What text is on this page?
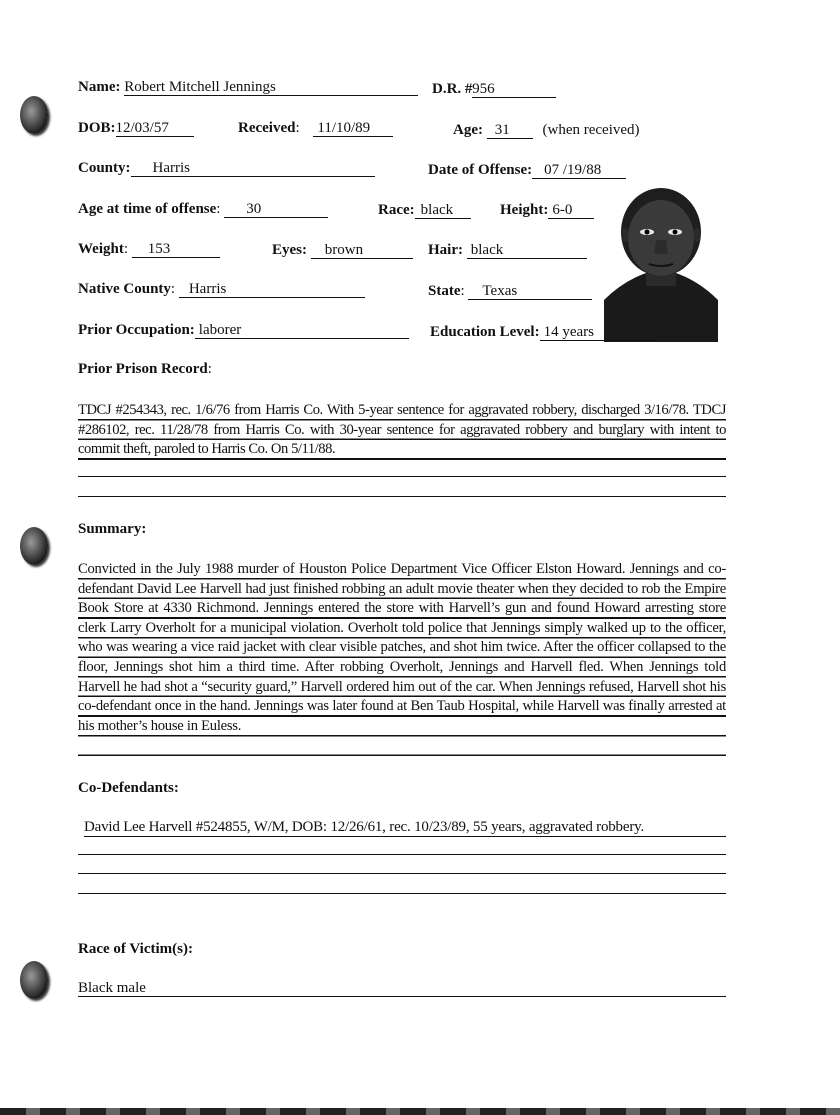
Name: Robert Mitchell Jennings	D.R. # 956
DOB:12/03/57	Received: 11/10/89	Age: 31 (when received)
County: Harris	Date of Offense: 07 /19/88
Age at time of offense: 30	Race: black	Height: 6-0
Weight: 153	Eyes: brown	Hair: black
Native County: Harris	State: Texas
Prior Occupation: laborer	Education Level: 14 years
Prior Prison Record:

TDCJ #254343, rec. 1/6/76 from Harris Co. With 5-year sentence for aggravated robbery, discharged 3/16/78. TDCJ #286102, rec. 11/28/78 from Harris Co. with 30-year sentence for aggravated robbery and burglary with intent to commit theft, paroled to Harris Co. On 5/11/88.

Summary:

Convicted in the July 1988 murder of Houston Police Department Vice Officer Elston Howard. Jennings and co-defendant David Lee Harvell had just finished robbing an adult movie theater when they decided to rob the Empire Book Store at 4330 Richmond. Jennings entered the store with Harvell’s gun and found Howard arresting store clerk Larry Overholt for a municipal violation. Overholt told police that Jennings simply walked up to the officer, who was wearing a vice raid jacket with clear visible patches, and shot him twice. After the officer collapsed to the floor, Jennings shot him a third time. After robbing Overholt, Jennings and Harvell fled. When Jennings told Harvell he had shot a “security guard,” Harvell ordered him out of the car. When Jennings refused, Harvell shot his co-defendant once in the hand. Jennings was later found at Ben Taub Hospital, while Harvell was finally arrested at his mother’s house in Euless.

Co-Defendants:
David Lee Harvell #524855, W/M, DOB: 12/26/61, rec. 10/23/89, 55 years, aggravated robbery.
Race of Victim(s):
Black male
